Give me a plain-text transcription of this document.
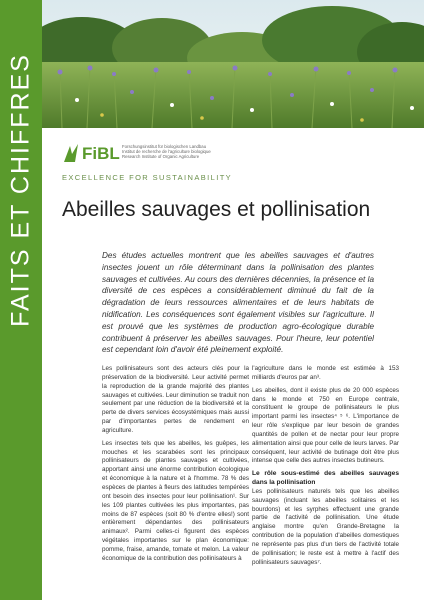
FAITS ET CHIFFRES	FiBL Forschungsinstitut für biologischen Landbau
Institut de recherche de l'agriculture biologique
Research Institute of Organic Agriculture
EXCELLENCE FOR SUSTAINABILITY
Abeilles sauvages et pollinisation

Des études actuelles montrent que les abeilles sauvages et d'autres insectes jouent un rôle déterminant dans la pollinisation des plantes sauvages et cultivées. Au cours des dernières décennies, la présence et la diversité de ces espèces a considérablement diminué du fait de la dégradation de leurs ressources alimentaires et de leurs habitats de nidification. Les conséquences sont également visibles sur l'agriculture. Il est prouvé que les systèmes de production agro-écologique durable contribuent à préserver les abeilles sauvages. Pour l'heure, leur potentiel est cependant loin d'avoir été pleinement exploité.

Les pollinisateurs sont des acteurs clés pour la préservation de la biodiversité. Leur activité permet la reproduction de la grande majorité des plantes sauvages et cultivées. Leur diminution se traduit non seulement par une réduction de la biodiversité et la perte de divers services écosystémiques mais aussi par d'importantes pertes de rendement en agriculture.

Les insectes tels que les abeilles, les guêpes, les mouches et les scarabées sont les principaux pollinisateurs de plantes sauvages et cultivées, apportant ainsi une énorme contribution écologique et économique à la nature et à l'homme. 78 % des espèces de plantes à fleurs des latitudes tempérées ont besoin des insectes pour leur pollinisation¹. Sur les 109 plantes cultivées les plus importantes, pas moins de 87 espèces (soit 80 % d'entre elles!) sont entièrement dépendantes des pollinisateurs animaux². Parmi celles-ci figurent des espèces végétales importantes sur le plan économique: pomme, fraise, amande, tomate et melon. La valeur économique de la contribution des pollinisateurs à

l'agriculture dans le monde est estimée à 153 milliards d'euros par an³.

Les abeilles, dont il existe plus de 20 000 espèces dans le monde et 750 en Europe centrale, constituent le groupe de pollinisateurs le plus important parmi les insectes⁴ ⁵ ⁶. L'importance de leur rôle s'explique par leur besoin de grandes quantités de pollen et de nectar pour leur propre alimentation ainsi que pour celle de leurs larves. Par conséquent, leur activité de butinage doit être plus intense que celle des autres insectes butineurs.

Le rôle sous-estimé des abeilles sauvages dans la pollinisation

Les pollinisateurs naturels tels que les abeilles sauvages (incluant les abeilles solitaires et les bourdons) et les syrphes effectuent une grande partie de l'activité de pollinisation. Une étude anglaise montre qu'en Grande-Bretagne la contribution de la population d'abeilles domestiques ne représente pas plus d'un tiers de l'activité totale de pollinisation; le reste est à mettre à l'actif des pollinisateurs sauvages⁷.
